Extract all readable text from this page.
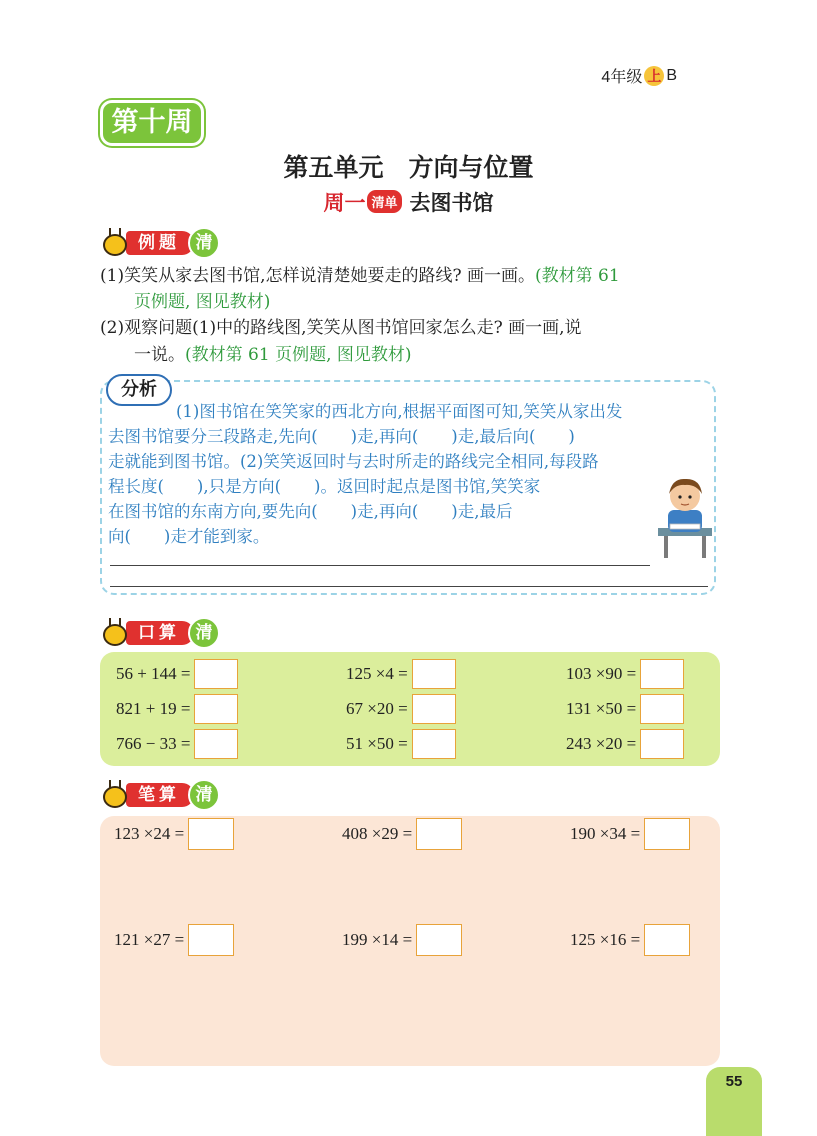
4年级 上 B
第十周
第五单元　方向与位置
周一 清单 去图书馆
例题 清
(1)笑笑从家去图书馆,怎样说清楚她要走的路线? 画一画。(教材第 61
页例题, 图见教材)
(2)观察问题(1)中的路线图,笑笑从图书馆回家怎么走? 画一画,说
一说。(教材第 61 页例题, 图见教材)
分析
(1)图书馆在笑笑家的西北方向,根据平面图可知,笑笑从家出发
去图书馆要分三段路走,先向(　　)走,再向(　　)走,最后向(　　)
走就能到图书馆。(2)笑笑返回时与去时所走的路线完全相同,每段路
程长度(　　),只是方向(　　)。返回时起点是图书馆,笑笑家
在图书馆的东南方向,要先向(　　)走,再向(　　)走,最后
向(　　)走才能到家。
口算 清
56 + 144 =	125 ×4 =	103 ×90 =
821 + 19 =	67 ×20 =	131 ×50 =
766 − 33 =	51 ×50 =	243 ×20 =
笔算 清
123 ×24 =	408 ×29 =	190 ×34 =
121 ×27 =	199 ×14 =	125 ×16 =
55
